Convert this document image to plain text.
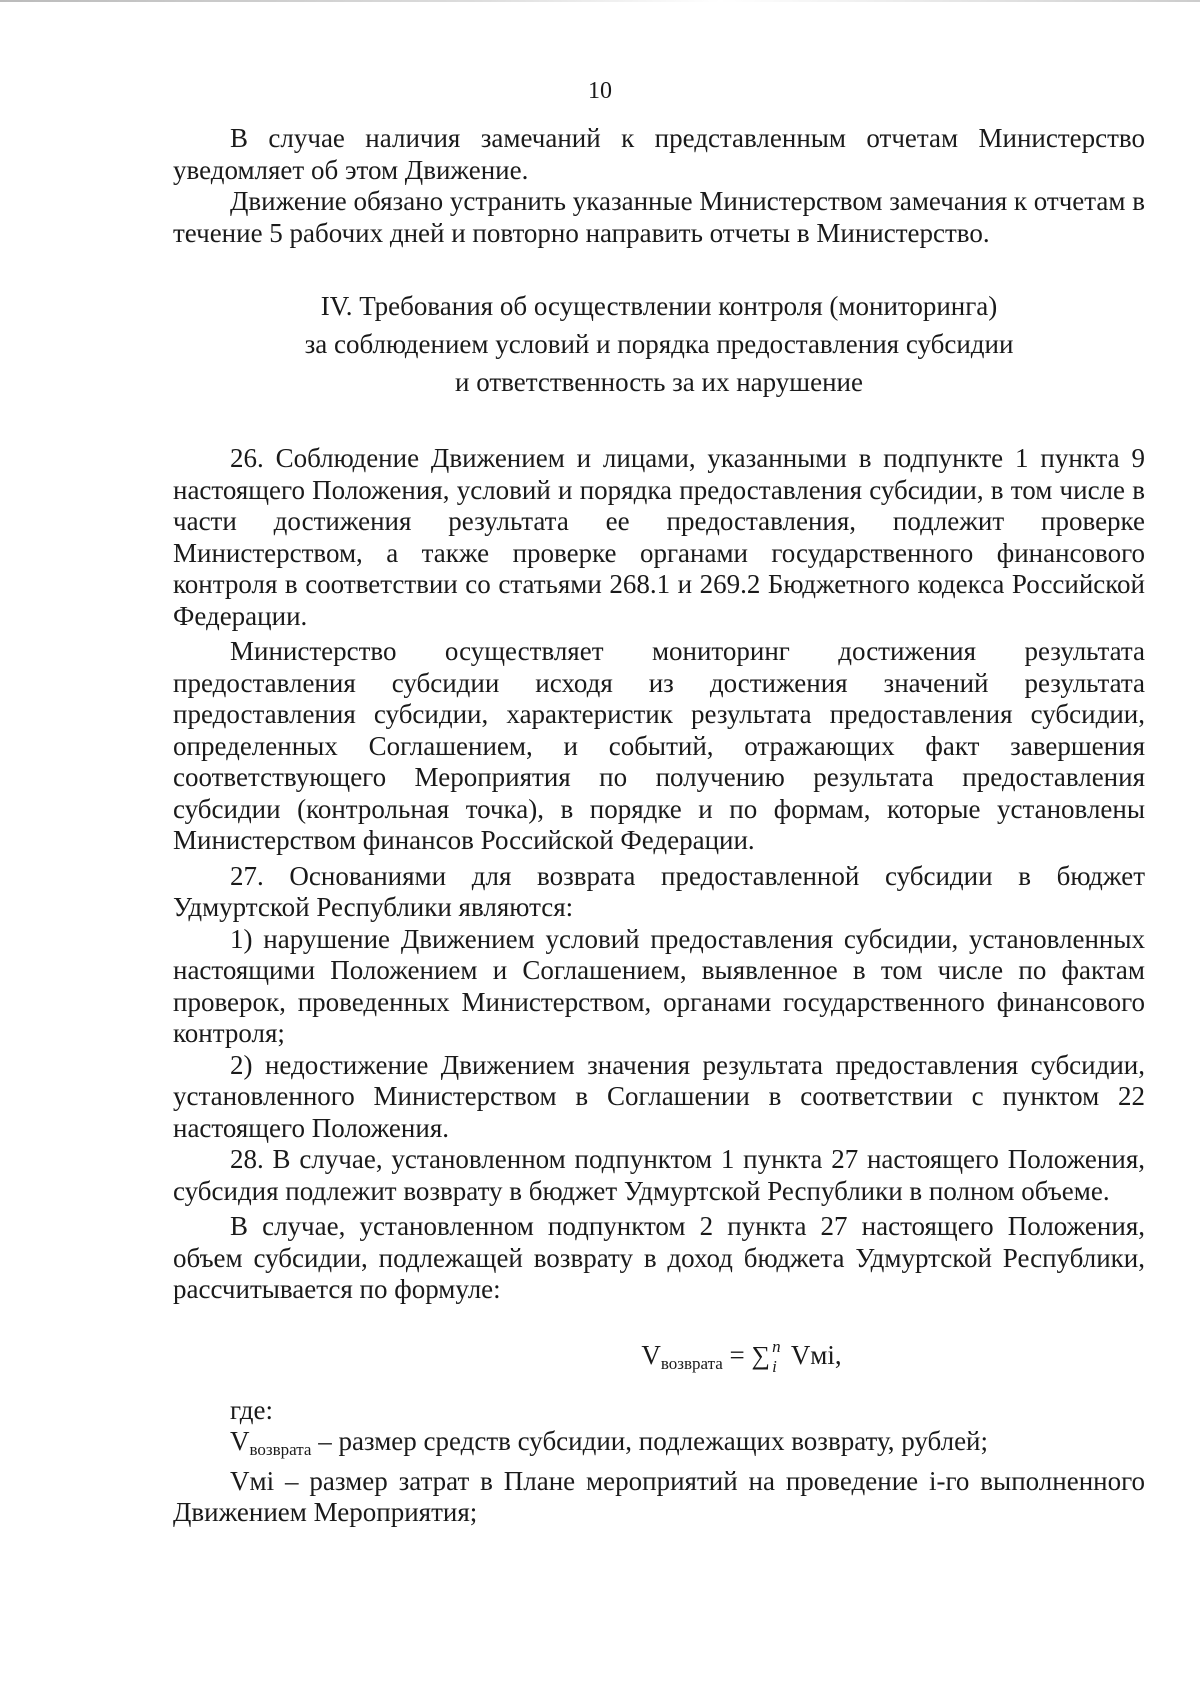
10

В случае наличия замечаний к представленным отчетам Министерство уведомляет об этом Движение.

Движение обязано устранить указанные Министерством замечания к отчетам в течение 5 рабочих дней и повторно направить отчеты в Министерство.

IV. Требования об осуществлении контроля (мониторинга)
за соблюдением условий и порядка предоставления субсидии
и ответственность за их нарушение

26. Соблюдение Движением и лицами, указанными в подпункте 1 пункта 9 настоящего Положения, условий и порядка предоставления субсидии, в том числе в части достижения результата ее предоставления, подлежит проверке Министерством, а также проверке органами государственного финансового контроля в соответствии со статьями 268.1 и 269.2 Бюджетного кодекса Российской Федерации.

Министерство осуществляет мониторинг достижения результата предоставления субсидии исходя из достижения значений результата предоставления субсидии, характеристик результата предоставления субсидии, определенных Соглашением, и событий, отражающих факт завершения соответствующего Мероприятия по получению результата предоставления субсидии (контрольная точка), в порядке и по формам, которые установлены Министерством финансов Российской Федерации.

27. Основаниями для возврата предоставленной субсидии в бюджет Удмуртской Республики являются:

1) нарушение Движением условий предоставления субсидии, установленных настоящими Положением и Соглашением, выявленное в том числе по фактам проверок, проведенных Министерством, органами государственного финансового контроля;

2) недостижение Движением значения результата предоставления субсидии, установленного Министерством в Соглашении в соответствии с пунктом 22 настоящего Положения.

28. В случае, установленном подпунктом 1 пункта 27 настоящего Положения, субсидия подлежит возврату в бюджет Удмуртской Республики в полном объеме.

В случае, установленном подпунктом 2 пункта 27 настоящего Положения, объем субсидии, подлежащей возврату в доход бюджета Удмуртской Республики, рассчитывается по формуле:

$V_{возврата}$ = ∑ n
i Vмi,

где:

Vвозврата – размер средств субсидии, подлежащих возврату, рублей;

Vмi – размер затрат в Плане мероприятий на проведение i-го выполненного Движением Мероприятия;
